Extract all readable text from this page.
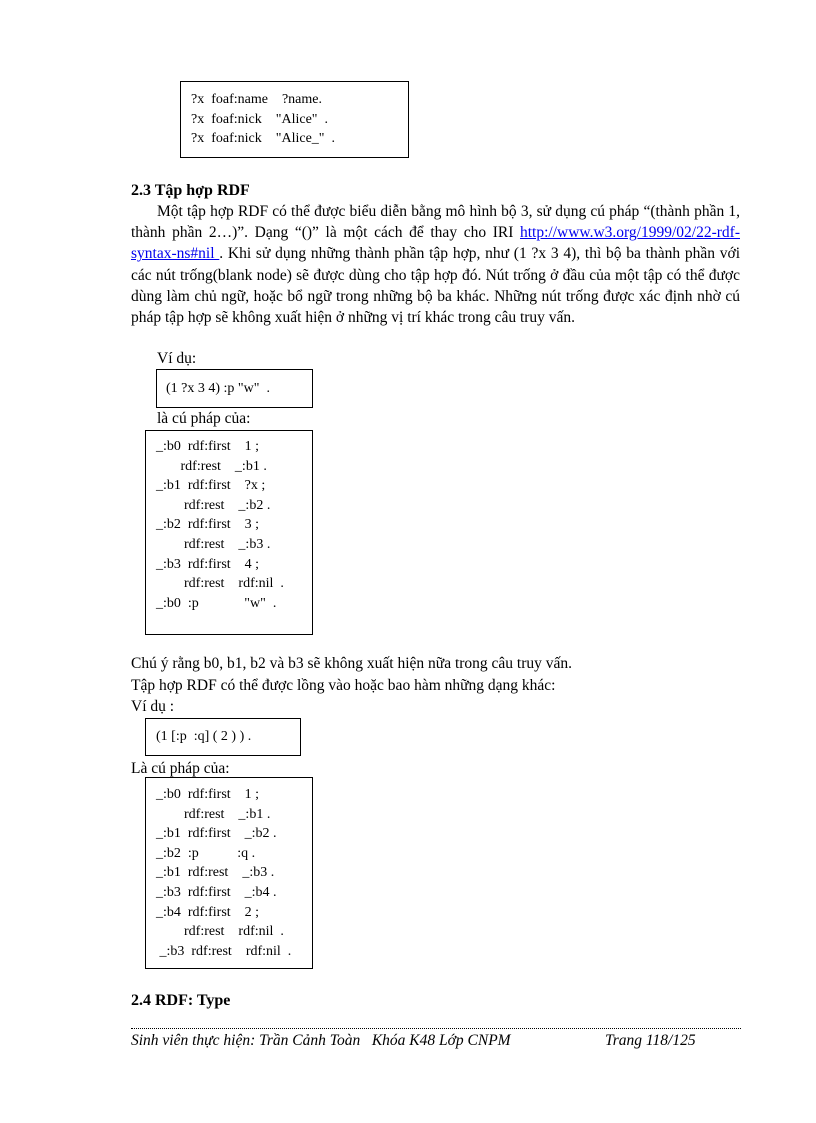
?x  foaf:name    ?name.
?x  foaf:nick    "Alice"  .
?x  foaf:nick    "Alice_"  .
2.3 Tập hợp RDF
Một tập hợp RDF có thể được biểu diễn bằng mô hình bộ 3, sử dụng cú pháp “(thành phần 1, thành phần 2…)”. Dạng “()” là một cách để thay cho IRI http://www.w3.org/1999/02/22-rdf-syntax-ns#nil . Khi sử dụng những thành phần tập hợp, như (1 ?x 3 4), thì bộ ba thành phần với các nút trống(blank node) sẽ được dùng cho tập hợp đó. Nút trống ở đầu của một tập có thể được dùng làm chủ ngữ, hoặc bổ ngữ trong những bộ ba khác. Những nút trống được xác định nhờ cú pháp tập hợp sẽ không xuất hiện ở những vị trí khác trong câu truy vấn.
Ví dụ:
(1 ?x 3 4) :p "w"  .
là cú pháp của:
_:b0  rdf:first    1 ;
rdf:rest    _:b1 .
_:b1  rdf:first    ?x ;
rdf:rest    _:b2 .
_:b2  rdf:first    3 ;
rdf:rest    _:b3 .
_:b3  rdf:first    4 ;
rdf:rest    rdf:nil  .
_:b0  :p             "w"  .
Chú ý rằng b0, b1, b2 và b3 sẽ không xuất hiện nữa trong câu truy vấn.
Tập hợp RDF có thể được lồng vào hoặc bao hàm những dạng khác:
Ví dụ :
(1 [:p  :q] ( 2 ) ) .
Là cú pháp của:
_:b0  rdf:first    1 ;
rdf:rest    _:b1 .
_:b1  rdf:first    _:b2 .
_:b2  :p           :q .
_:b1  rdf:rest    _:b3 .
_:b3  rdf:first    _:b4 .
_:b4  rdf:first    2 ;
rdf:rest    rdf:nil  .
_:b3  rdf:rest    rdf:nil  .
2.4 RDF: Type
Sinh viên thực hiện: Trần Cảnh Toàn   Khóa K48 Lớp CNPM	Trang 118/125
